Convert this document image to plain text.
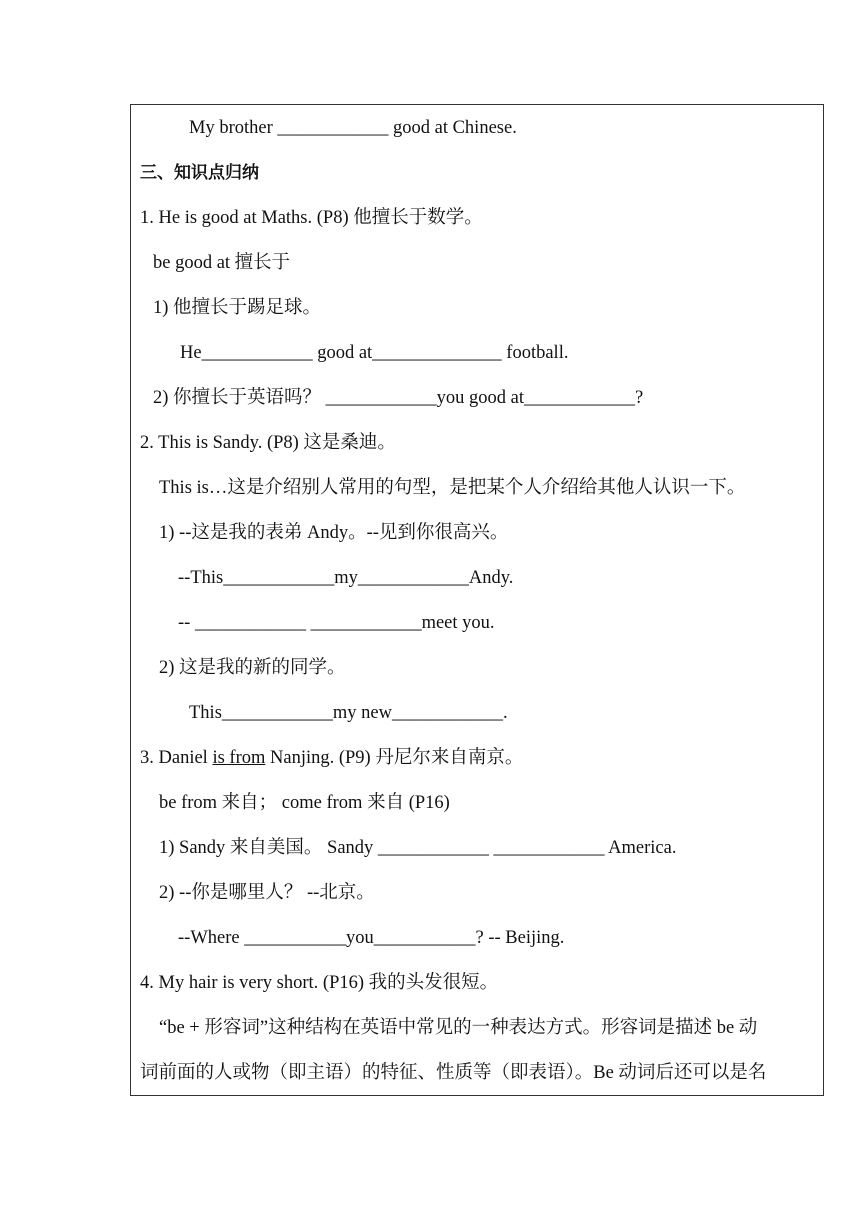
My brother ____________ good at Chinese.
三、知识点归纳
1. He is good at Maths. (P8) 他擅长于数学。
be good at 擅长于
1) 他擅长于踢足球。
He____________ good at______________ football.
2) 你擅长于英语吗？ ____________you good at____________?
2. This is Sandy. (P8) 这是桑迪。
This is…这是介绍别人常用的句型，是把某个人介绍给其他人认识一下。
1) --这是我的表弟 Andy。--见到你很高兴。
--This____________my____________Andy.
-- ____________ ____________meet you.
2) 这是我的新的同学。
This____________my new____________.
3. Daniel is from Nanjing. (P9) 丹尼尔来自南京。
be from 来自； come from 来自 (P16)
1) Sandy 来自美国。 Sandy ____________ ____________ America.
2) --你是哪里人？ --北京。
--Where ___________you___________? -- Beijing.
4. My hair is very short. (P16) 我的头发很短。
“be + 形容词”这种结构在英语中常见的一种表达方式。形容词是描述 be 动
词前面的人或物（即主语）的特征、性质等（即表语）。Be 动词后还可以是名
